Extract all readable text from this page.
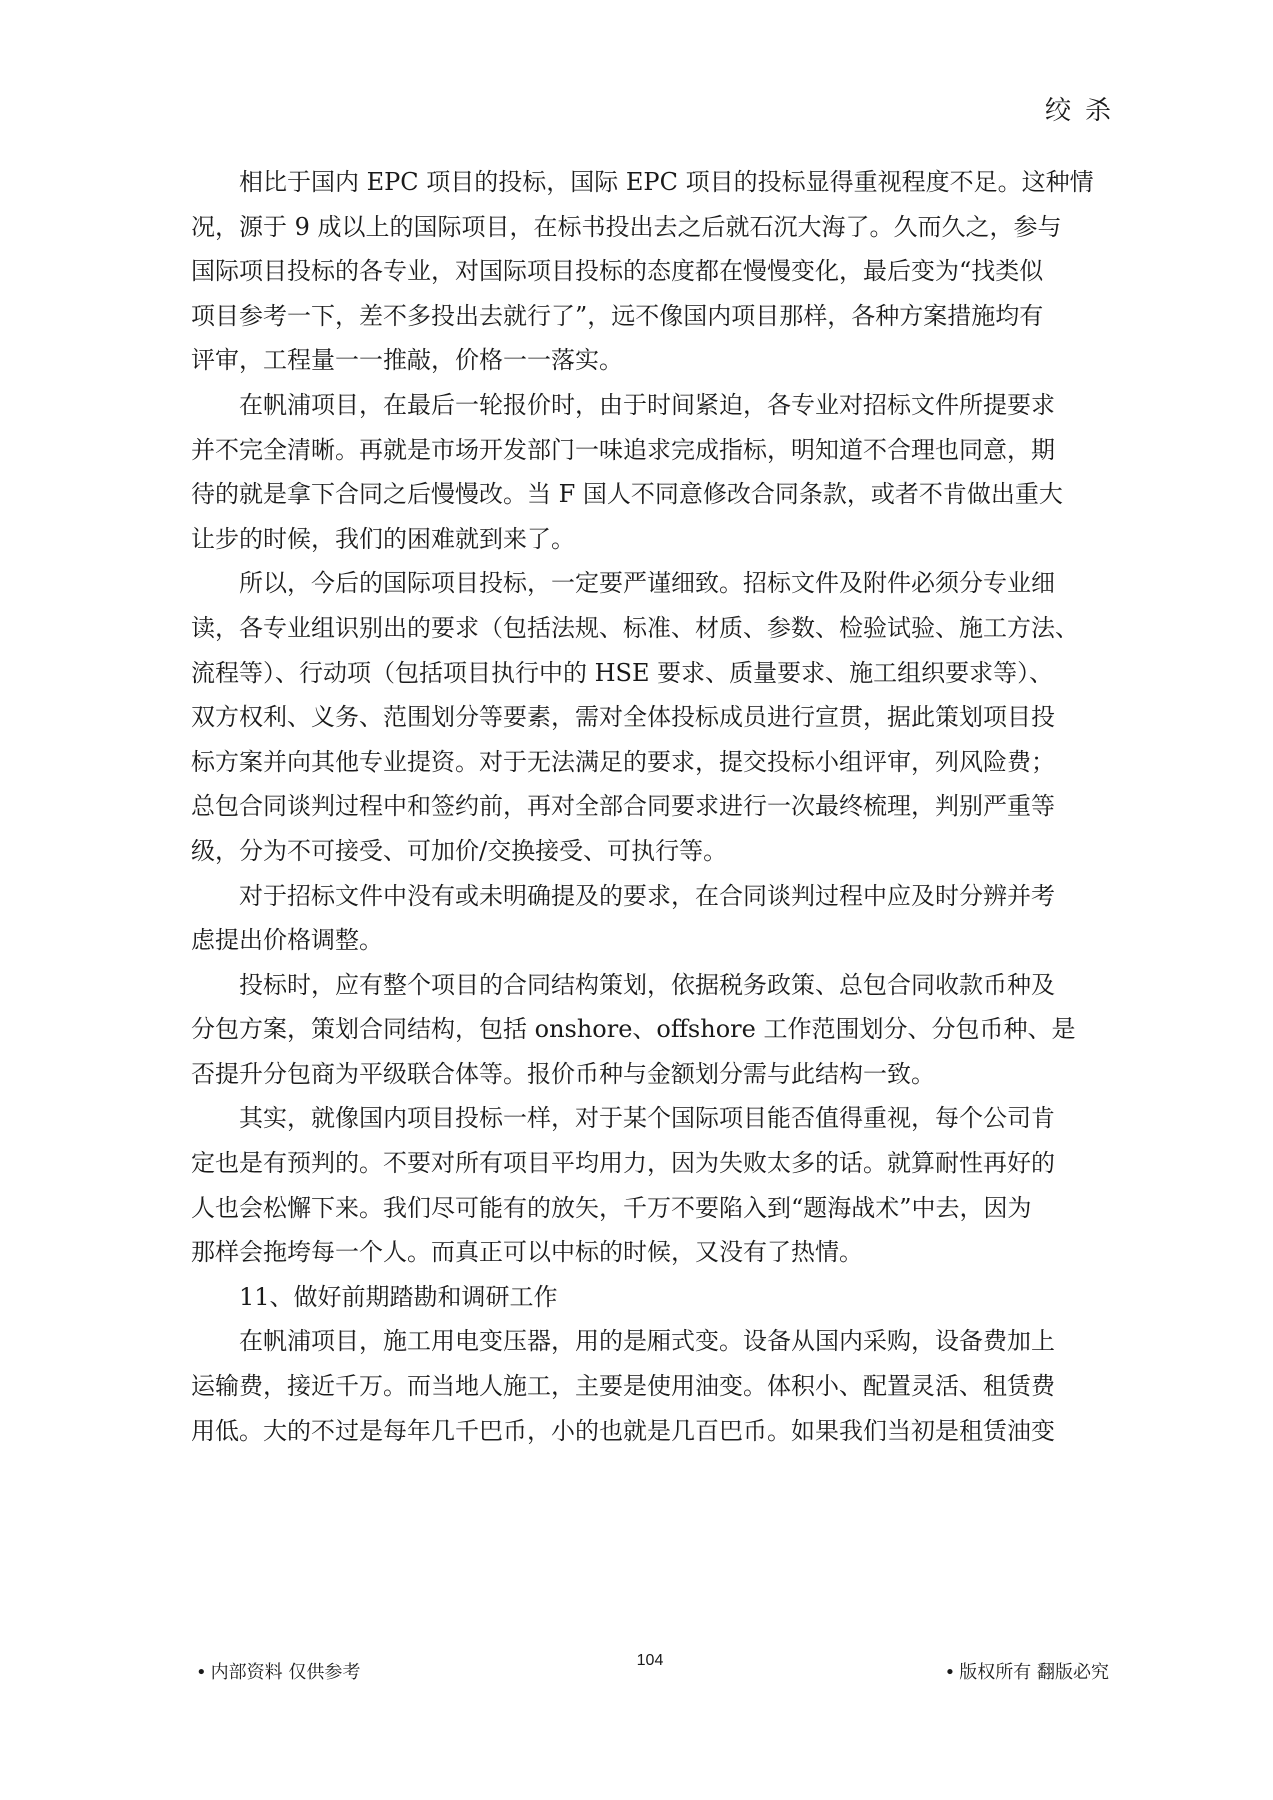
绞杀
　　相比于国内 EPC 项目的投标，国际 EPC 项目的投标显得重视程度不足。这种情
况，源于 9 成以上的国际项目，在标书投出去之后就石沉大海了。久而久之，参与
国际项目投标的各专业，对国际项目投标的态度都在慢慢变化，最后变为“找类似
项目参考一下，差不多投出去就行了”，远不像国内项目那样，各种方案措施均有
评审，工程量一一推敲，价格一一落实。
　　在帆浦项目，在最后一轮报价时，由于时间紧迫，各专业对招标文件所提要求
并不完全清晰。再就是市场开发部门一味追求完成指标，明知道不合理也同意，期
待的就是拿下合同之后慢慢改。当 F 国人不同意修改合同条款，或者不肯做出重大
让步的时候，我们的困难就到来了。
　　所以，今后的国际项目投标，一定要严谨细致。招标文件及附件必须分专业细
读，各专业组识别出的要求（包括法规、标准、材质、参数、检验试验、施工方法、
流程等）、行动项（包括项目执行中的 HSE 要求、质量要求、施工组织要求等）、
双方权利、义务、范围划分等要素，需对全体投标成员进行宣贯，据此策划项目投
标方案并向其他专业提资。对于无法满足的要求，提交投标小组评审，列风险费；
总包合同谈判过程中和签约前，再对全部合同要求进行一次最终梳理，判别严重等
级，分为不可接受、可加价/交换接受、可执行等。
　　对于招标文件中没有或未明确提及的要求，在合同谈判过程中应及时分辨并考
虑提出价格调整。
　　投标时，应有整个项目的合同结构策划，依据税务政策、总包合同收款币种及
分包方案，策划合同结构，包括 onshore、offshore 工作范围划分、分包币种、是
否提升分包商为平级联合体等。报价币种与金额划分需与此结构一致。
　　其实，就像国内项目投标一样，对于某个国际项目能否值得重视，每个公司肯
定也是有预判的。不要对所有项目平均用力，因为失败太多的话。就算耐性再好的
人也会松懈下来。我们尽可能有的放矢，千万不要陷入到“题海战术”中去，因为
那样会拖垮每一个人。而真正可以中标的时候，又没有了热情。
　　11、做好前期踏勘和调研工作
　　在帆浦项目，施工用电变压器，用的是厢式变。设备从国内采购，设备费加上
运输费，接近千万。而当地人施工，主要是使用油变。体积小、配置灵活、租赁费
用低。大的不过是每年几千巴币，小的也就是几百巴币。如果我们当初是租赁油变
• 内部资料 仅供参考
104
• 版权所有 翻版必究
